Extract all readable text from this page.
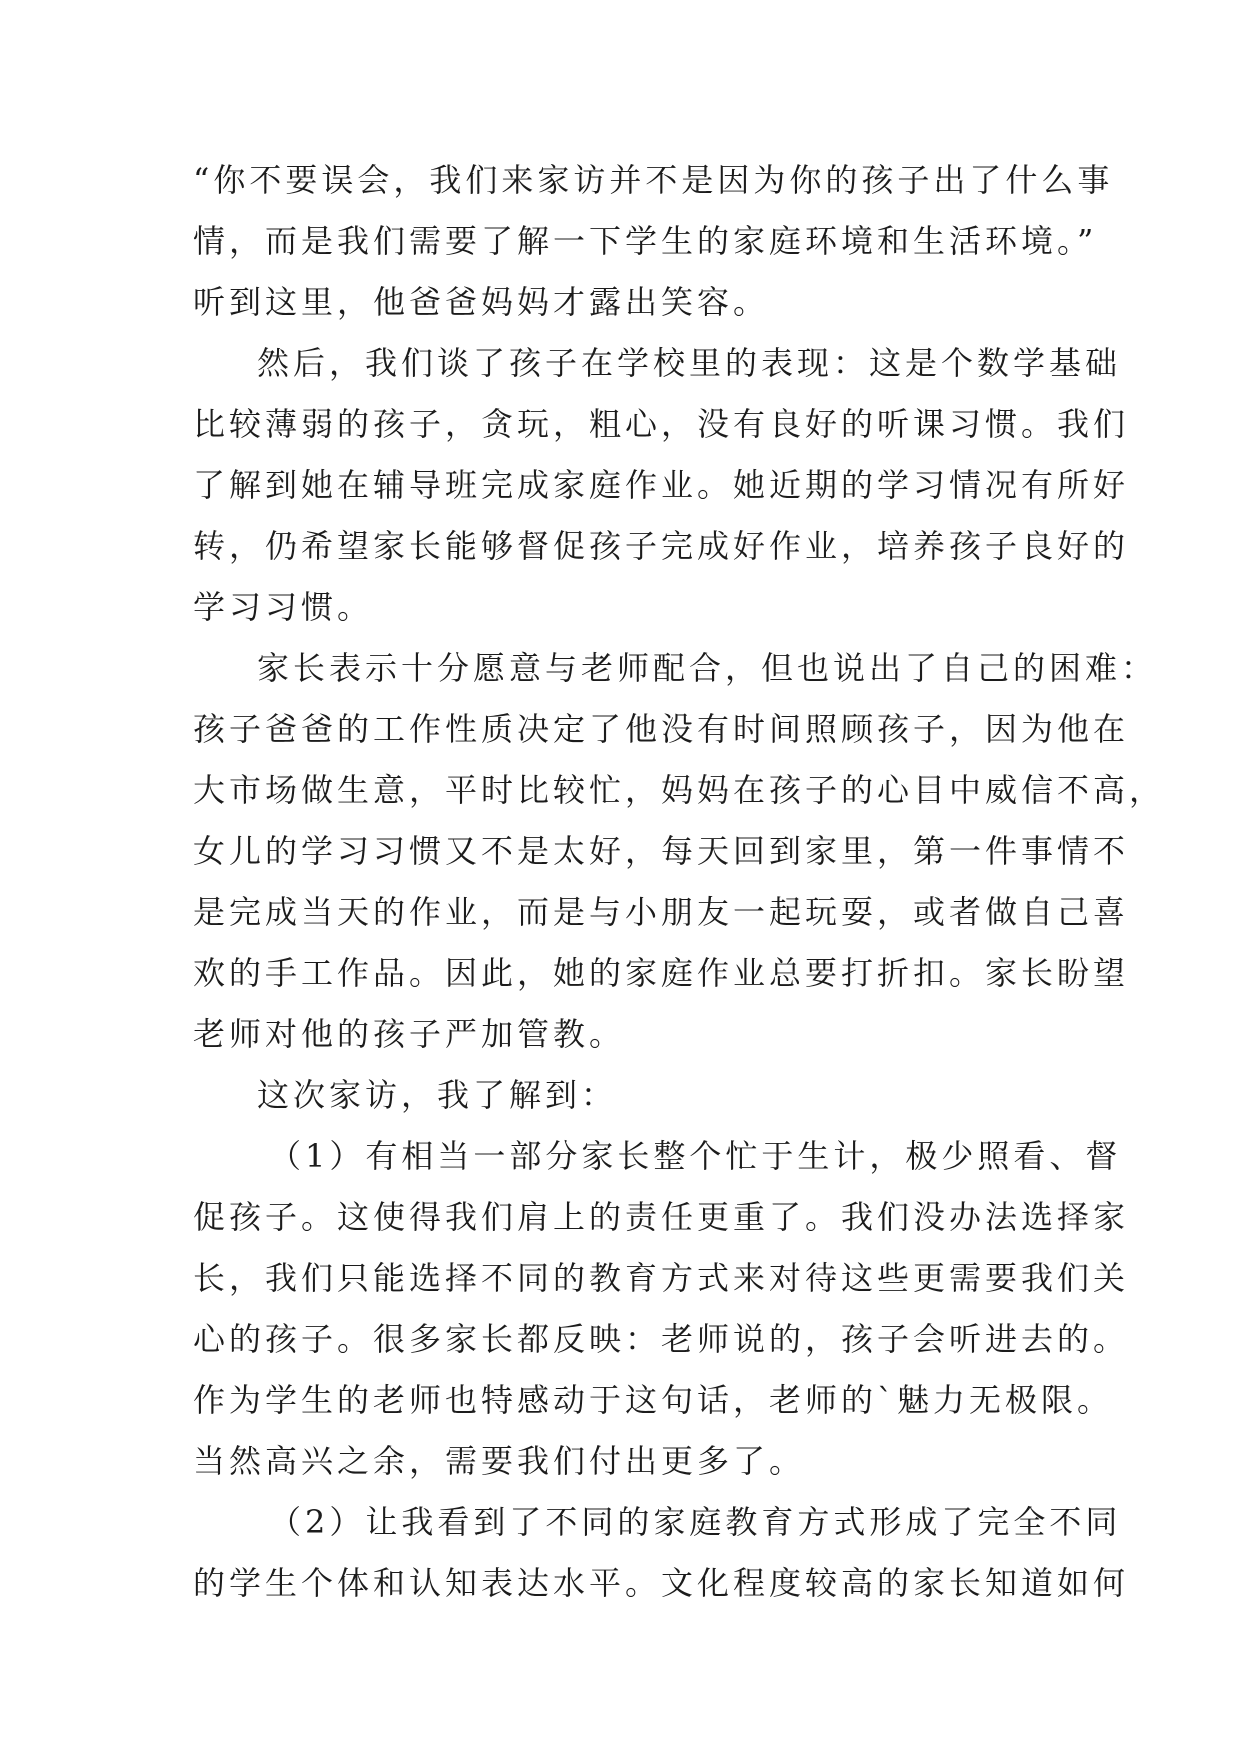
“你不要误会，我们来家访并不是因为你的孩子出了什么事
情，而是我们需要了解一下学生的家庭环境和生活环境。”
听到这里，他爸爸妈妈才露出笑容。
然后，我们谈了孩子在学校里的表现：这是个数学基础
比较薄弱的孩子，贪玩，粗心，没有良好的听课习惯。我们
了解到她在辅导班完成家庭作业。她近期的学习情况有所好
转，仍希望家长能够督促孩子完成好作业，培养孩子良好的
学习习惯。
家长表示十分愿意与老师配合，但也说出了自己的困难：
孩子爸爸的工作性质决定了他没有时间照顾孩子，因为他在
大市场做生意，平时比较忙，妈妈在孩子的心目中威信不高，
女儿的学习习惯又不是太好，每天回到家里，第一件事情不
是完成当天的作业，而是与小朋友一起玩耍，或者做自己喜
欢的手工作品。因此，她的家庭作业总要打折扣。家长盼望
老师对他的孩子严加管教。
这次家访，我了解到：
（1）有相当一部分家长整个忙于生计，极少照看、督
促孩子。这使得我们肩上的责任更重了。我们没办法选择家
长，我们只能选择不同的教育方式来对待这些更需要我们关
心的孩子。很多家长都反映：老师说的，孩子会听进去的。
作为学生的老师也特感动于这句话，老师的`魅力无极限。
当然高兴之余，需要我们付出更多了。
（2）让我看到了不同的家庭教育方式形成了完全不同
的学生个体和认知表达水平。文化程度较高的家长知道如何
